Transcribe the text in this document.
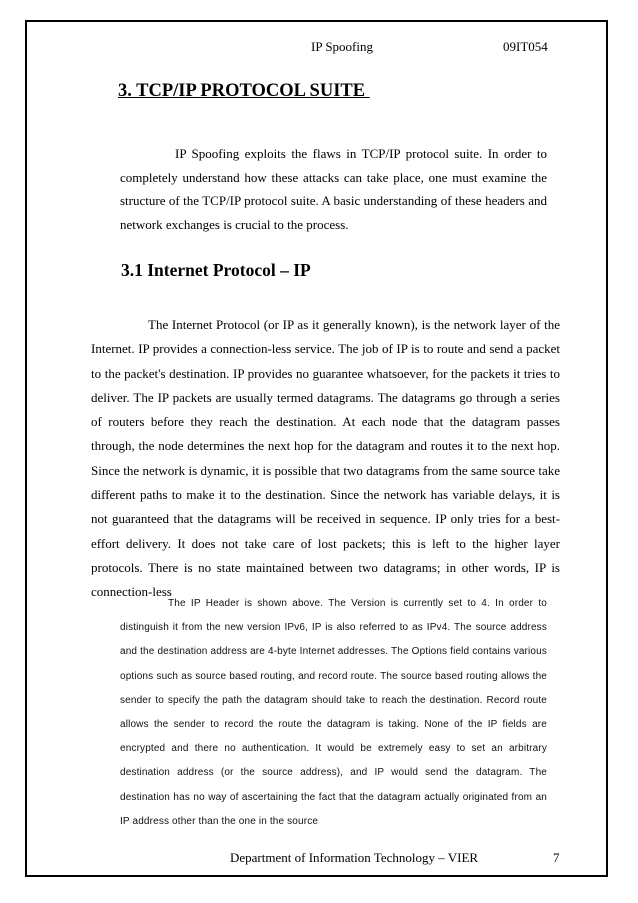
IP Spoofing	09IT054
3. TCP/IP PROTOCOL SUITE
IP Spoofing exploits the flaws in TCP/IP protocol suite. In order to completely understand how these attacks can take place, one must examine the structure of the TCP/IP protocol suite. A basic understanding of these headers and network exchanges is crucial to the process.
3.1 Internet Protocol – IP
The Internet Protocol (or IP as it generally known), is the network layer of the Internet. IP provides a connection-less service. The job of IP is to route and send a packet to the packet's destination. IP provides no guarantee whatsoever, for the packets it tries to deliver. The IP packets are usually termed datagrams. The datagrams go through a series of routers before they reach the destination. At each node that the datagram passes through, the node determines the next hop for the datagram and routes it to the next hop. Since the network is dynamic, it is possible that two datagrams from the same source take different paths to make it to the destination. Since the network has variable delays, it is not guaranteed that the datagrams will be received in sequence. IP only tries for a best-effort delivery. It does not take care of lost packets; this is left to the higher layer protocols. There is no state maintained between two datagrams; in other words, IP is connection-less
The IP Header is shown above. The Version is currently set to 4. In order to distinguish it from the new version IPv6, IP is also referred to as IPv4. The source address and the destination address are 4-byte Internet addresses. The Options field contains various options such as source based routing, and record route. The source based routing allows the sender to specify the path the datagram should take to reach the destination. Record route allows the sender to record the route the datagram is taking. None of the IP fields are encrypted and there no authentication. It would be extremely easy to set an arbitrary destination address (or the source address), and IP would send the datagram. The destination has no way of ascertaining the fact that the datagram actually originated from an IP address other than the one in the source
Department of Information Technology – VIER	7
